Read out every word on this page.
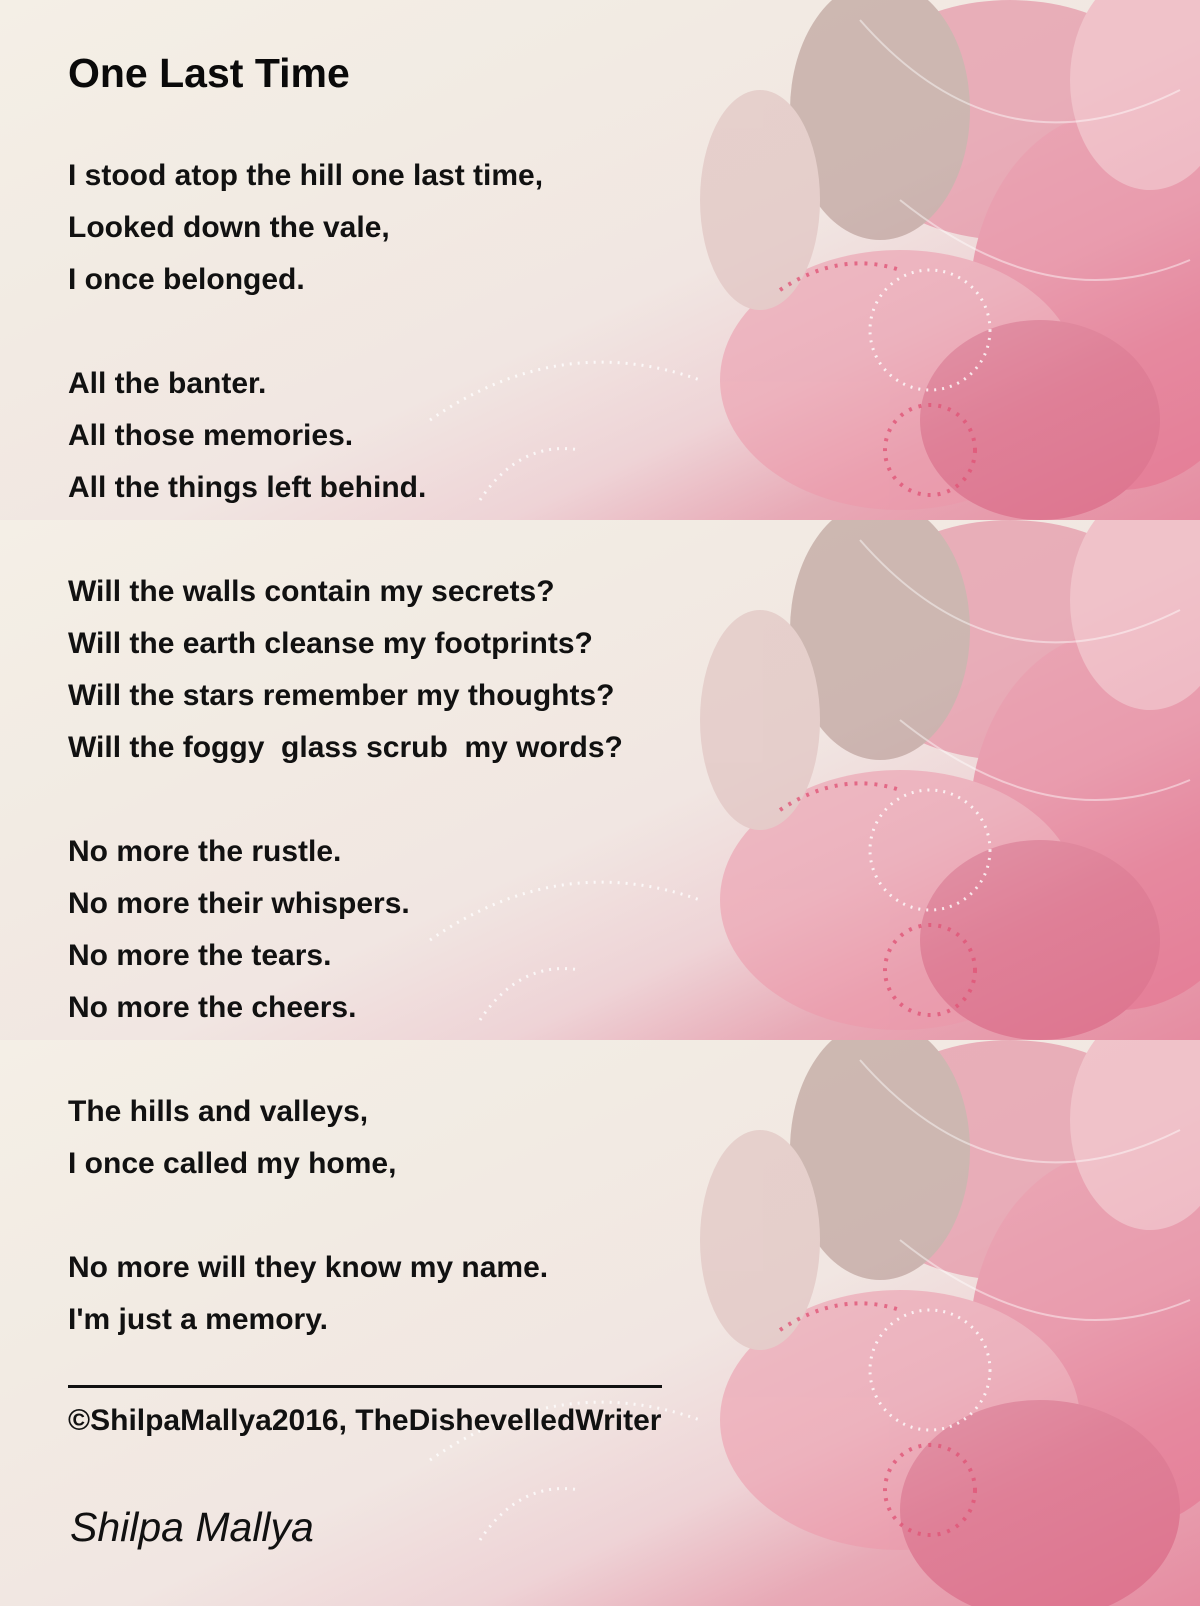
One Last Time
I stood atop the hill one last time,
Looked down the vale,
I once belonged.
All the banter.
All those memories.
All the things left behind.
Will the walls contain my secrets?
Will the earth cleanse my footprints?
Will the stars remember my thoughts?
Will the foggy  glass scrub  my words?
No more the rustle.
No more their whispers.
No more the tears.
No more the cheers.
The hills and valleys,
I once called my home,
No more will they know my name.
I'm just a memory.
©ShilpaMallya2016, TheDishevelledWriter
Shilpa Mallya
